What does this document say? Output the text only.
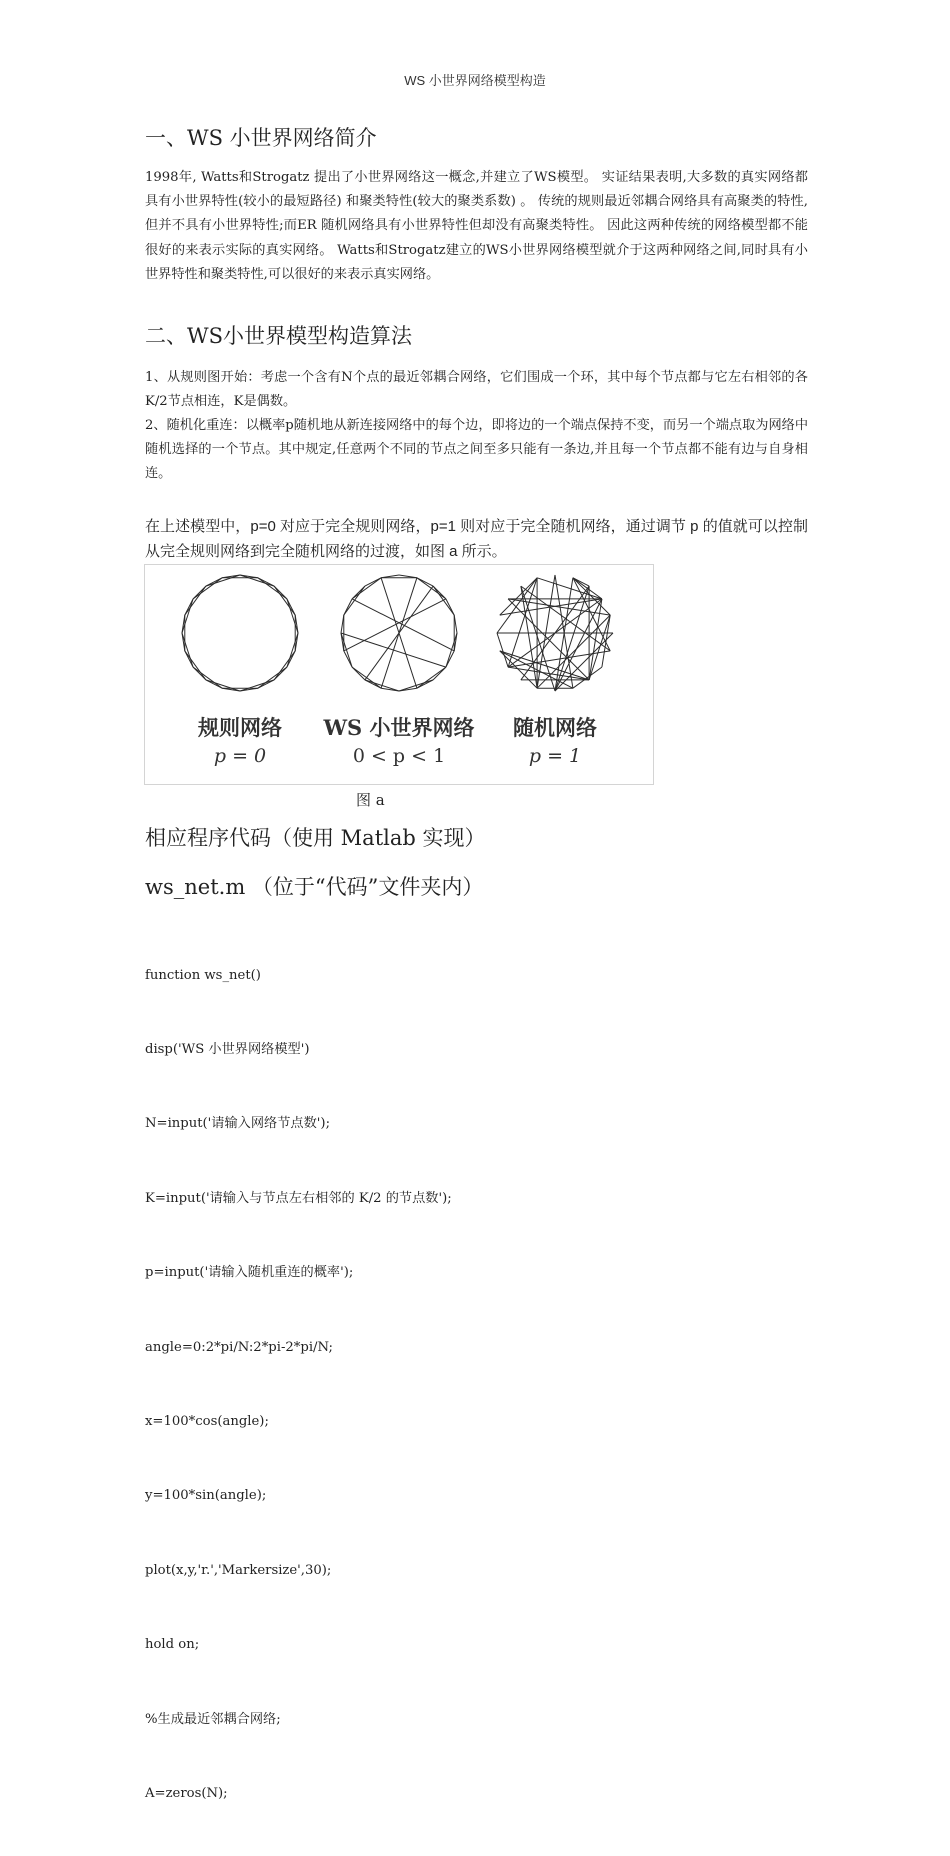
WS 小世界网络模型构造
一、WS 小世界网络简介
1998年, Watts和Strogatz 提出了小世界网络这一概念,并建立了WS模型。 实证结果表明,大多数的真实网络都具有小世界特性(较小的最短路径) 和聚类特性(较大的聚类系数) 。 传统的规则最近邻耦合网络具有高聚类的特性,但并不具有小世界特性;而ER 随机网络具有小世界特性但却没有高聚类特性。 因此这两种传统的网络模型都不能很好的来表示实际的真实网络。 Watts和Strogatz建立的WS小世界网络模型就介于这两种网络之间,同时具有小世界特性和聚类特性,可以很好的来表示真实网络。
二、WS小世界模型构造算法
1、从规则图开始：考虑一个含有N个点的最近邻耦合网络，它们围成一个环，其中每个节点都与它左右相邻的各K/2节点相连，K是偶数。
2、随机化重连：以概率p随机地从新连接网络中的每个边，即将边的一个端点保持不变，而另一个端点取为网络中随机选择的一个节点。其中规定,任意两个不同的节点之间至多只能有一条边,并且每一个节点都不能有边与自身相连。
在上述模型中，p=0 对应于完全规则网络，p=1 则对应于完全随机网络，通过调节 p 的值就可以控制从完全规则网络到完全随机网络的过渡，如图 a 所示。
规则网络
p = 0
WS 小世界网络
0 < p < 1
随机网络
p = 1
图 a
相应程序代码（使用 Matlab 实现）
ws_net.m （位于“代码”文件夹内）

function ws_net()

disp('WS 小世界网络模型')

N=input('请输入网络节点数');

K=input('请输入与节点左右相邻的 K/2 的节点数');

p=input('请输入随机重连的概率');

angle=0:2*pi/N:2*pi-2*pi/N;

x=100*cos(angle);

y=100*sin(angle);

plot(x,y,'r.','Markersize',30);

hold on;

%生成最近邻耦合网络;

A=zeros(N);
